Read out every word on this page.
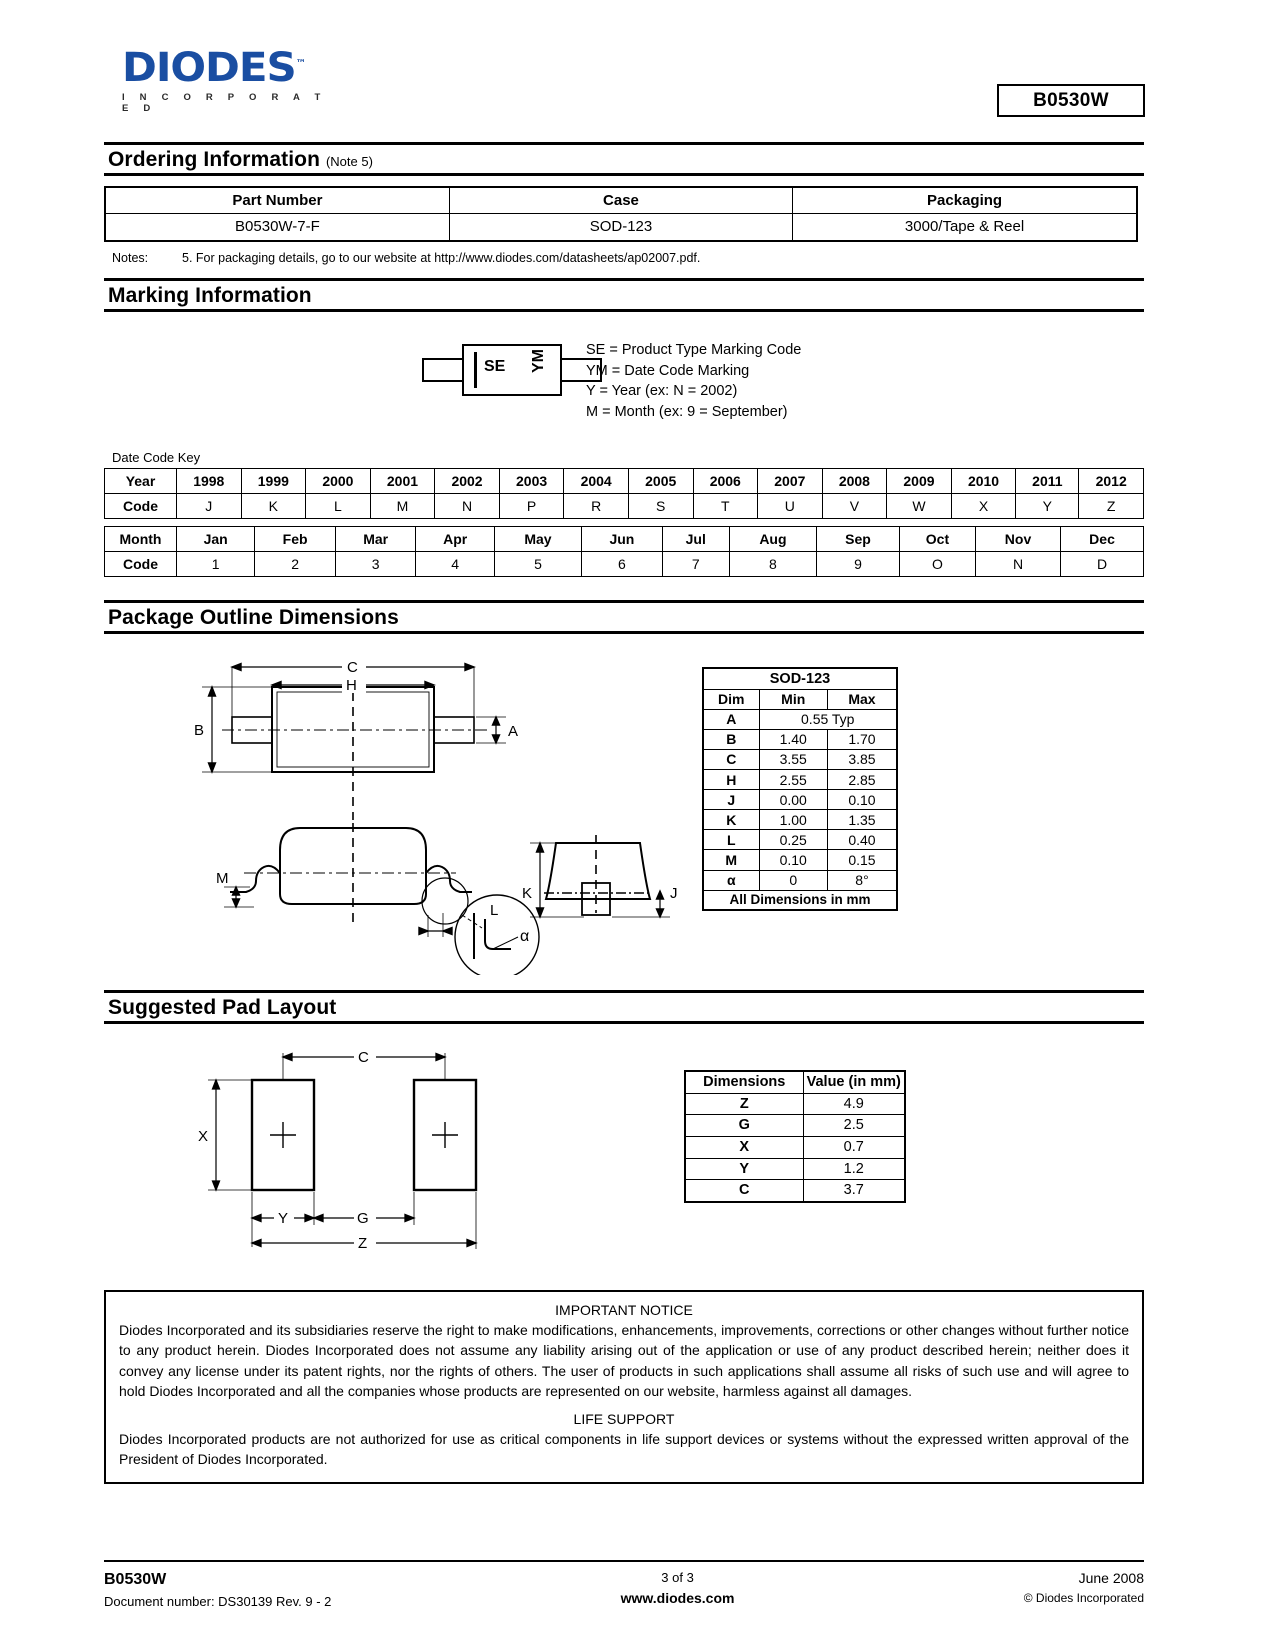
DIODES™
I N C O R P O R A T E D	B0530W
Ordering Information (Note 5)
Part Number	Case	Packaging
B0530W-7-F	SOD-123	3000/Tape & Reel
Notes:	5. For packaging details, go to our website at http://www.diodes.com/datasheets/ap02007.pdf.
Marking Information
SE YM	SE = Product Type Marking Code
YM = Date Code Marking
Y = Year (ex: N = 2002)
M = Month (ex: 9 = September)
Date Code Key
Year	1998	1999	2000	2001	2002	2003	2004	2005	2006	2007	2008	2009	2010	2011	2012
Code	J	K	L	M	N	P	R	S	T	U	V	W	X	Y	Z
Month	Jan	Feb	Mar	Apr	May	Jun	Jul	Aug	Sep	Oct	Nov	Dec
Code	1	2	3	4	5	6	7	8	9	O	N	D
Package Outline Dimensions
C
H
B	A
M
L
α
K	J
SOD-123		
Dim	Min	Max
A	0.55 Typ	
B	1.40	1.70
C	3.55	3.85
H	2.55	2.85
J	0.00	0.10
K	1.00	1.35
L	0.25	0.40
M	0.10	0.15
α	0	8°
All Dimensions in mm		
Suggested Pad Layout
C
X
Y	G
Z
Dimensions	Value (in mm)
Z	4.9
G	2.5
X	0.7
Y	1.2
C	3.7
IMPORTANT NOTICE
Diodes Incorporated and its subsidiaries reserve the right to make modifications, enhancements, improvements, corrections or other changes without further notice to any product herein. Diodes Incorporated does not assume any liability arising out of the application or use of any product described herein; neither does it convey any license under its patent rights, nor the rights of others. The user of products in such applications shall assume all risks of such use and will agree to hold Diodes Incorporated and all the companies whose products are represented on our website, harmless against all damages.
LIFE SUPPORT
Diodes Incorporated products are not authorized for use as critical components in life support devices or systems without the expressed written approval of the President of Diodes Incorporated.
B0530W
Document number: DS30139 Rev. 9 - 2
3 of 3
www.diodes.com
June 2008
© Diodes Incorporated
